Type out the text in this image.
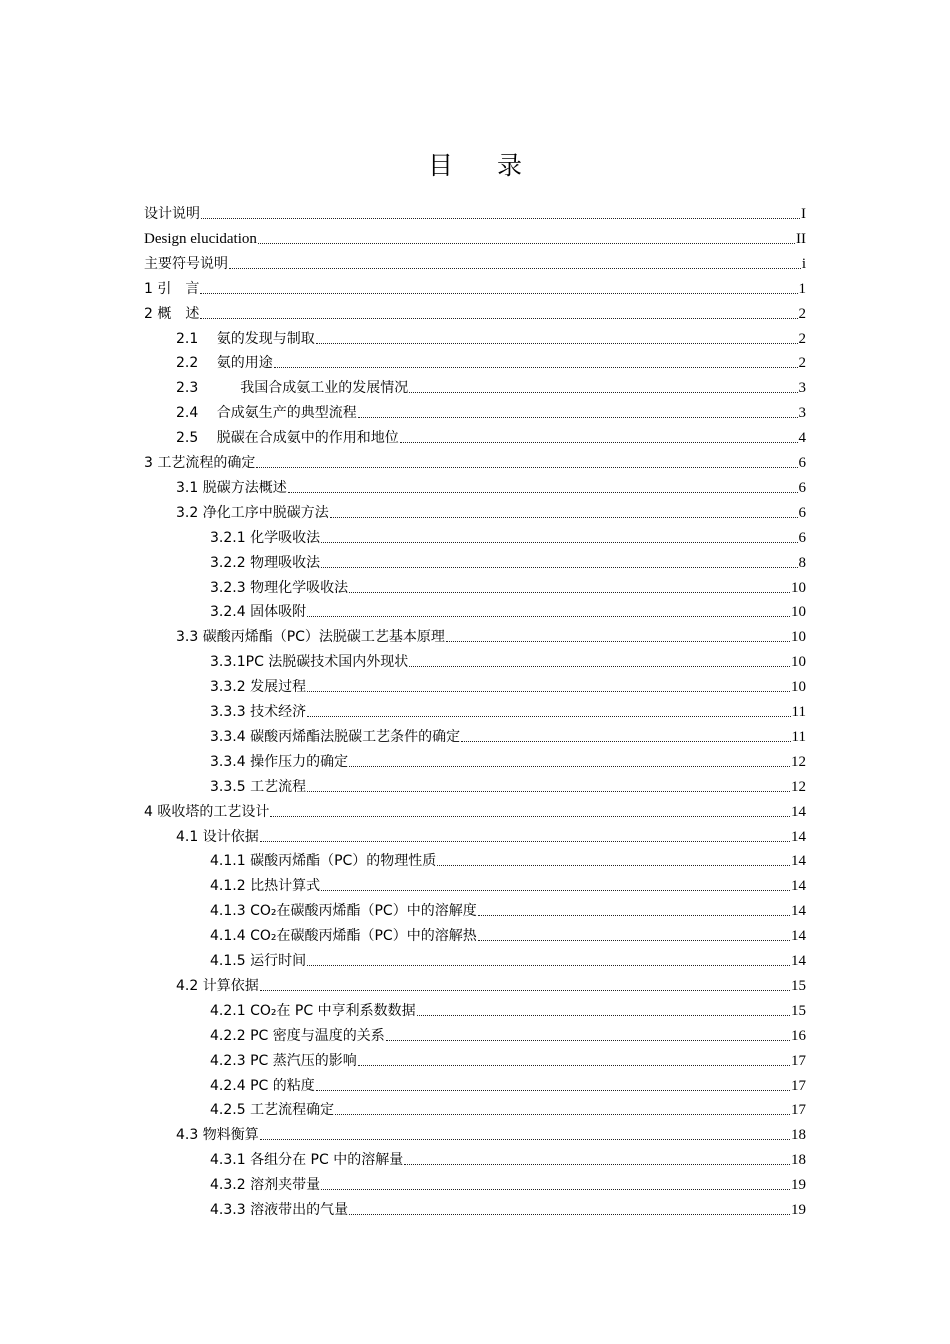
目 录
设计说明	I
Design elucidation	II
主要符号说明	i
1 引　言	1
2 概　述	2
2.1　 氨的发现与制取	2
2.2　 氨的用途	2
2.3　　　我国合成氨工业的发展情况	3
2.4　 合成氨生产的典型流程	3
2.5　 脱碳在合成氨中的作用和地位	4
3 工艺流程的确定	6
3.1 脱碳方法概述	6
3.2 净化工序中脱碳方法	6
3.2.1 化学吸收法	6
3.2.2 物理吸收法	8
3.2.3 物理化学吸收法	10
3.2.4 固体吸附	10
3.3 碳酸丙烯酯（PC）法脱碳工艺基本原理	10
3.3.1PC 法脱碳技术国内外现状	10
3.3.2 发展过程	10
3.3.3 技术经济	11
3.3.4 碳酸丙烯酯法脱碳工艺条件的确定	11
3.3.4 操作压力的确定	12
3.3.5 工艺流程	12
4 吸收塔的工艺设计	14
4.1 设计依据	14
4.1.1 碳酸丙烯酯（PC）的物理性质	14
4.1.2 比热计算式	14
4.1.3 CO₂在碳酸丙烯酯（PC）中的溶解度	14
4.1.4 CO₂在碳酸丙烯酯（PC）中的溶解热	14
4.1.5 运行时间	14
4.2 计算依据	15
4.2.1 CO₂在 PC 中亨利系数数据	15
4.2.2 PC 密度与温度的关系	16
4.2.3 PC 蒸汽压的影响	17
4.2.4 PC 的粘度	17
4.2.5 工艺流程确定	17
4.3 物料衡算	18
4.3.1 各组分在 PC 中的溶解量	18
4.3.2 溶剂夹带量	19
4.3.3 溶液带出的气量	19
